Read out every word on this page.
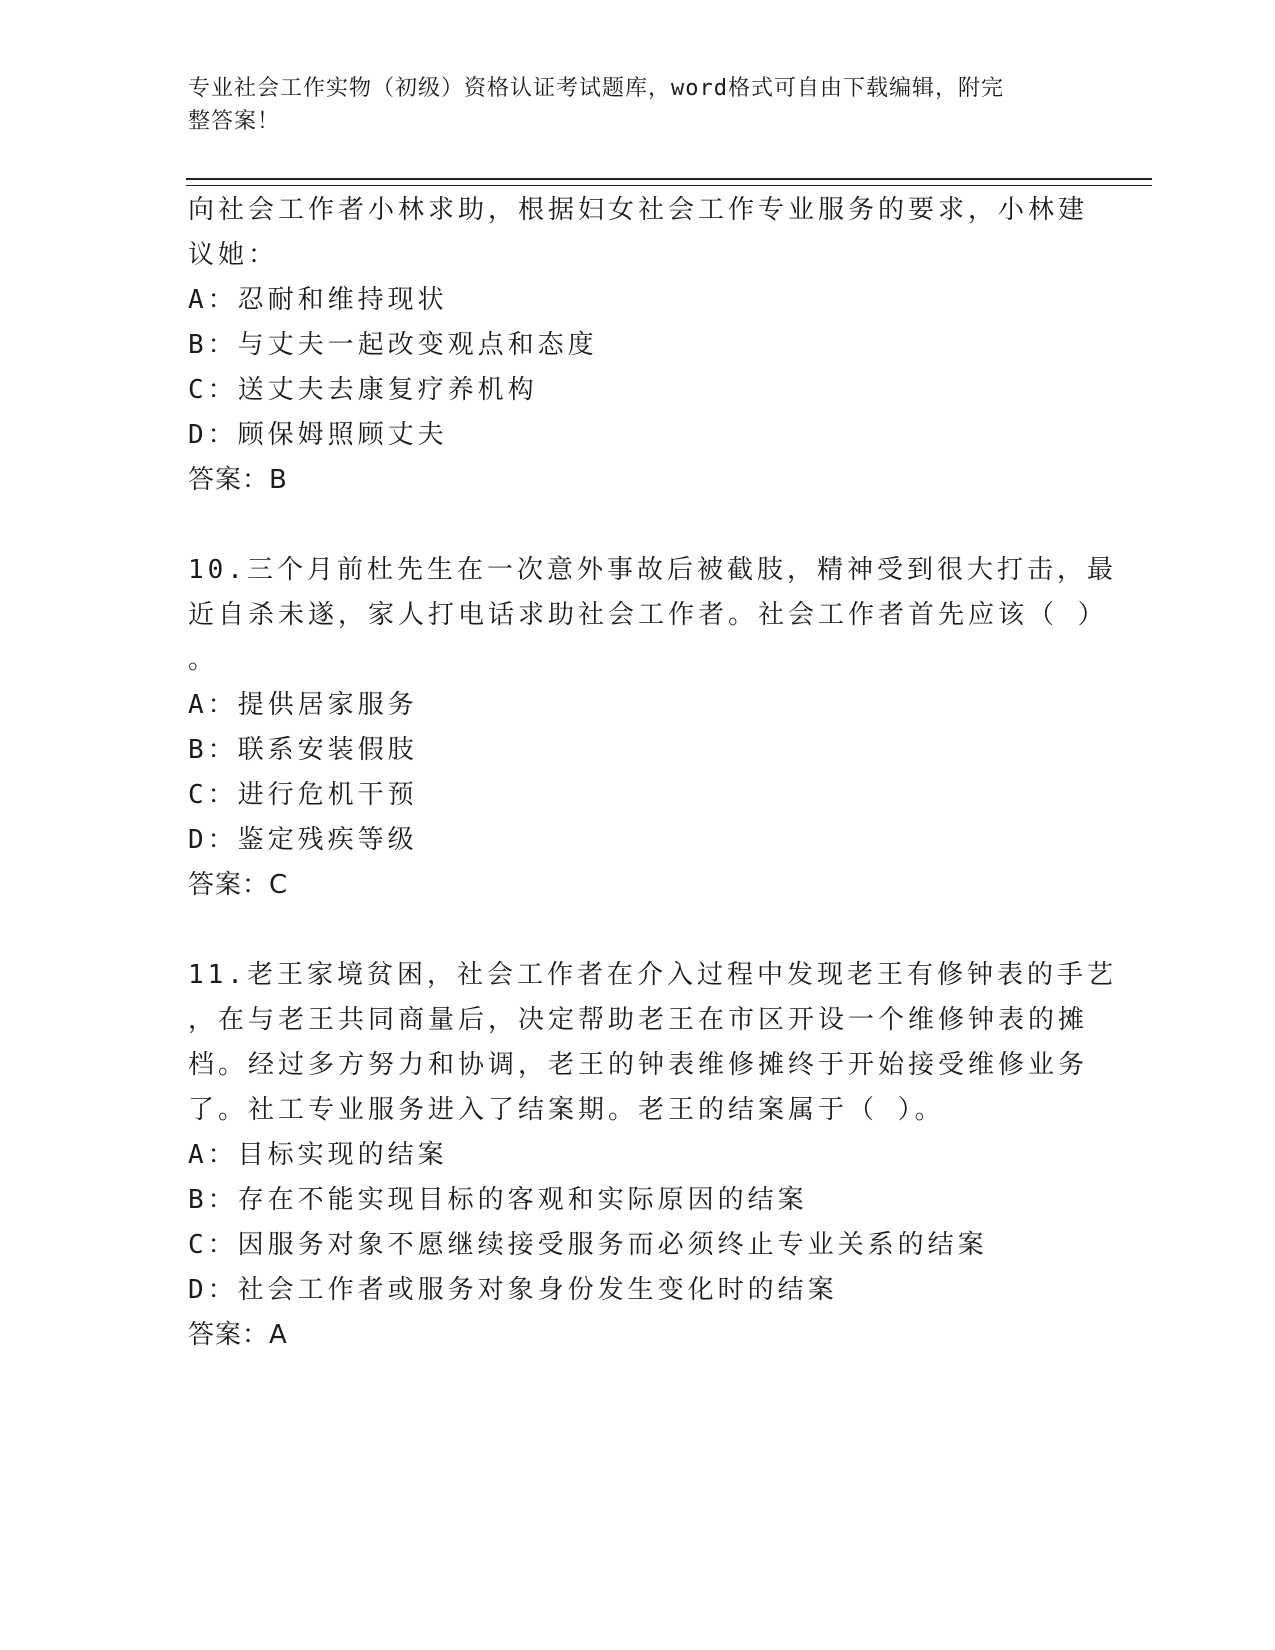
专业社会工作实物（初级）资格认证考试题库，word格式可自由下载编辑，附完
整答案！
向社会工作者小林求助，根据妇女社会工作专业服务的要求，小林建
议她：
A：忍耐和维持现状
B：与丈夫一起改变观点和态度
C：送丈夫去康复疗养机构
D：顾保姆照顾丈夫
答案：B
10.三个月前杜先生在一次意外事故后被截肢，精神受到很大打击，最
近自杀未遂，家人打电话求助社会工作者。社会工作者首先应该（ ）
。
A：提供居家服务
B：联系安装假肢
C：进行危机干预
D：鉴定残疾等级
答案：C
11.老王家境贫困，社会工作者在介入过程中发现老王有修钟表的手艺
，在与老王共同商量后，决定帮助老王在市区开设一个维修钟表的摊
档。经过多方努力和协调，老王的钟表维修摊终于开始接受维修业务
了。社工专业服务进入了结案期。老王的结案属于（ ）。
A：目标实现的结案
B：存在不能实现目标的客观和实际原因的结案
C：因服务对象不愿继续接受服务而必须终止专业关系的结案
D：社会工作者或服务对象身份发生变化时的结案
答案：A
